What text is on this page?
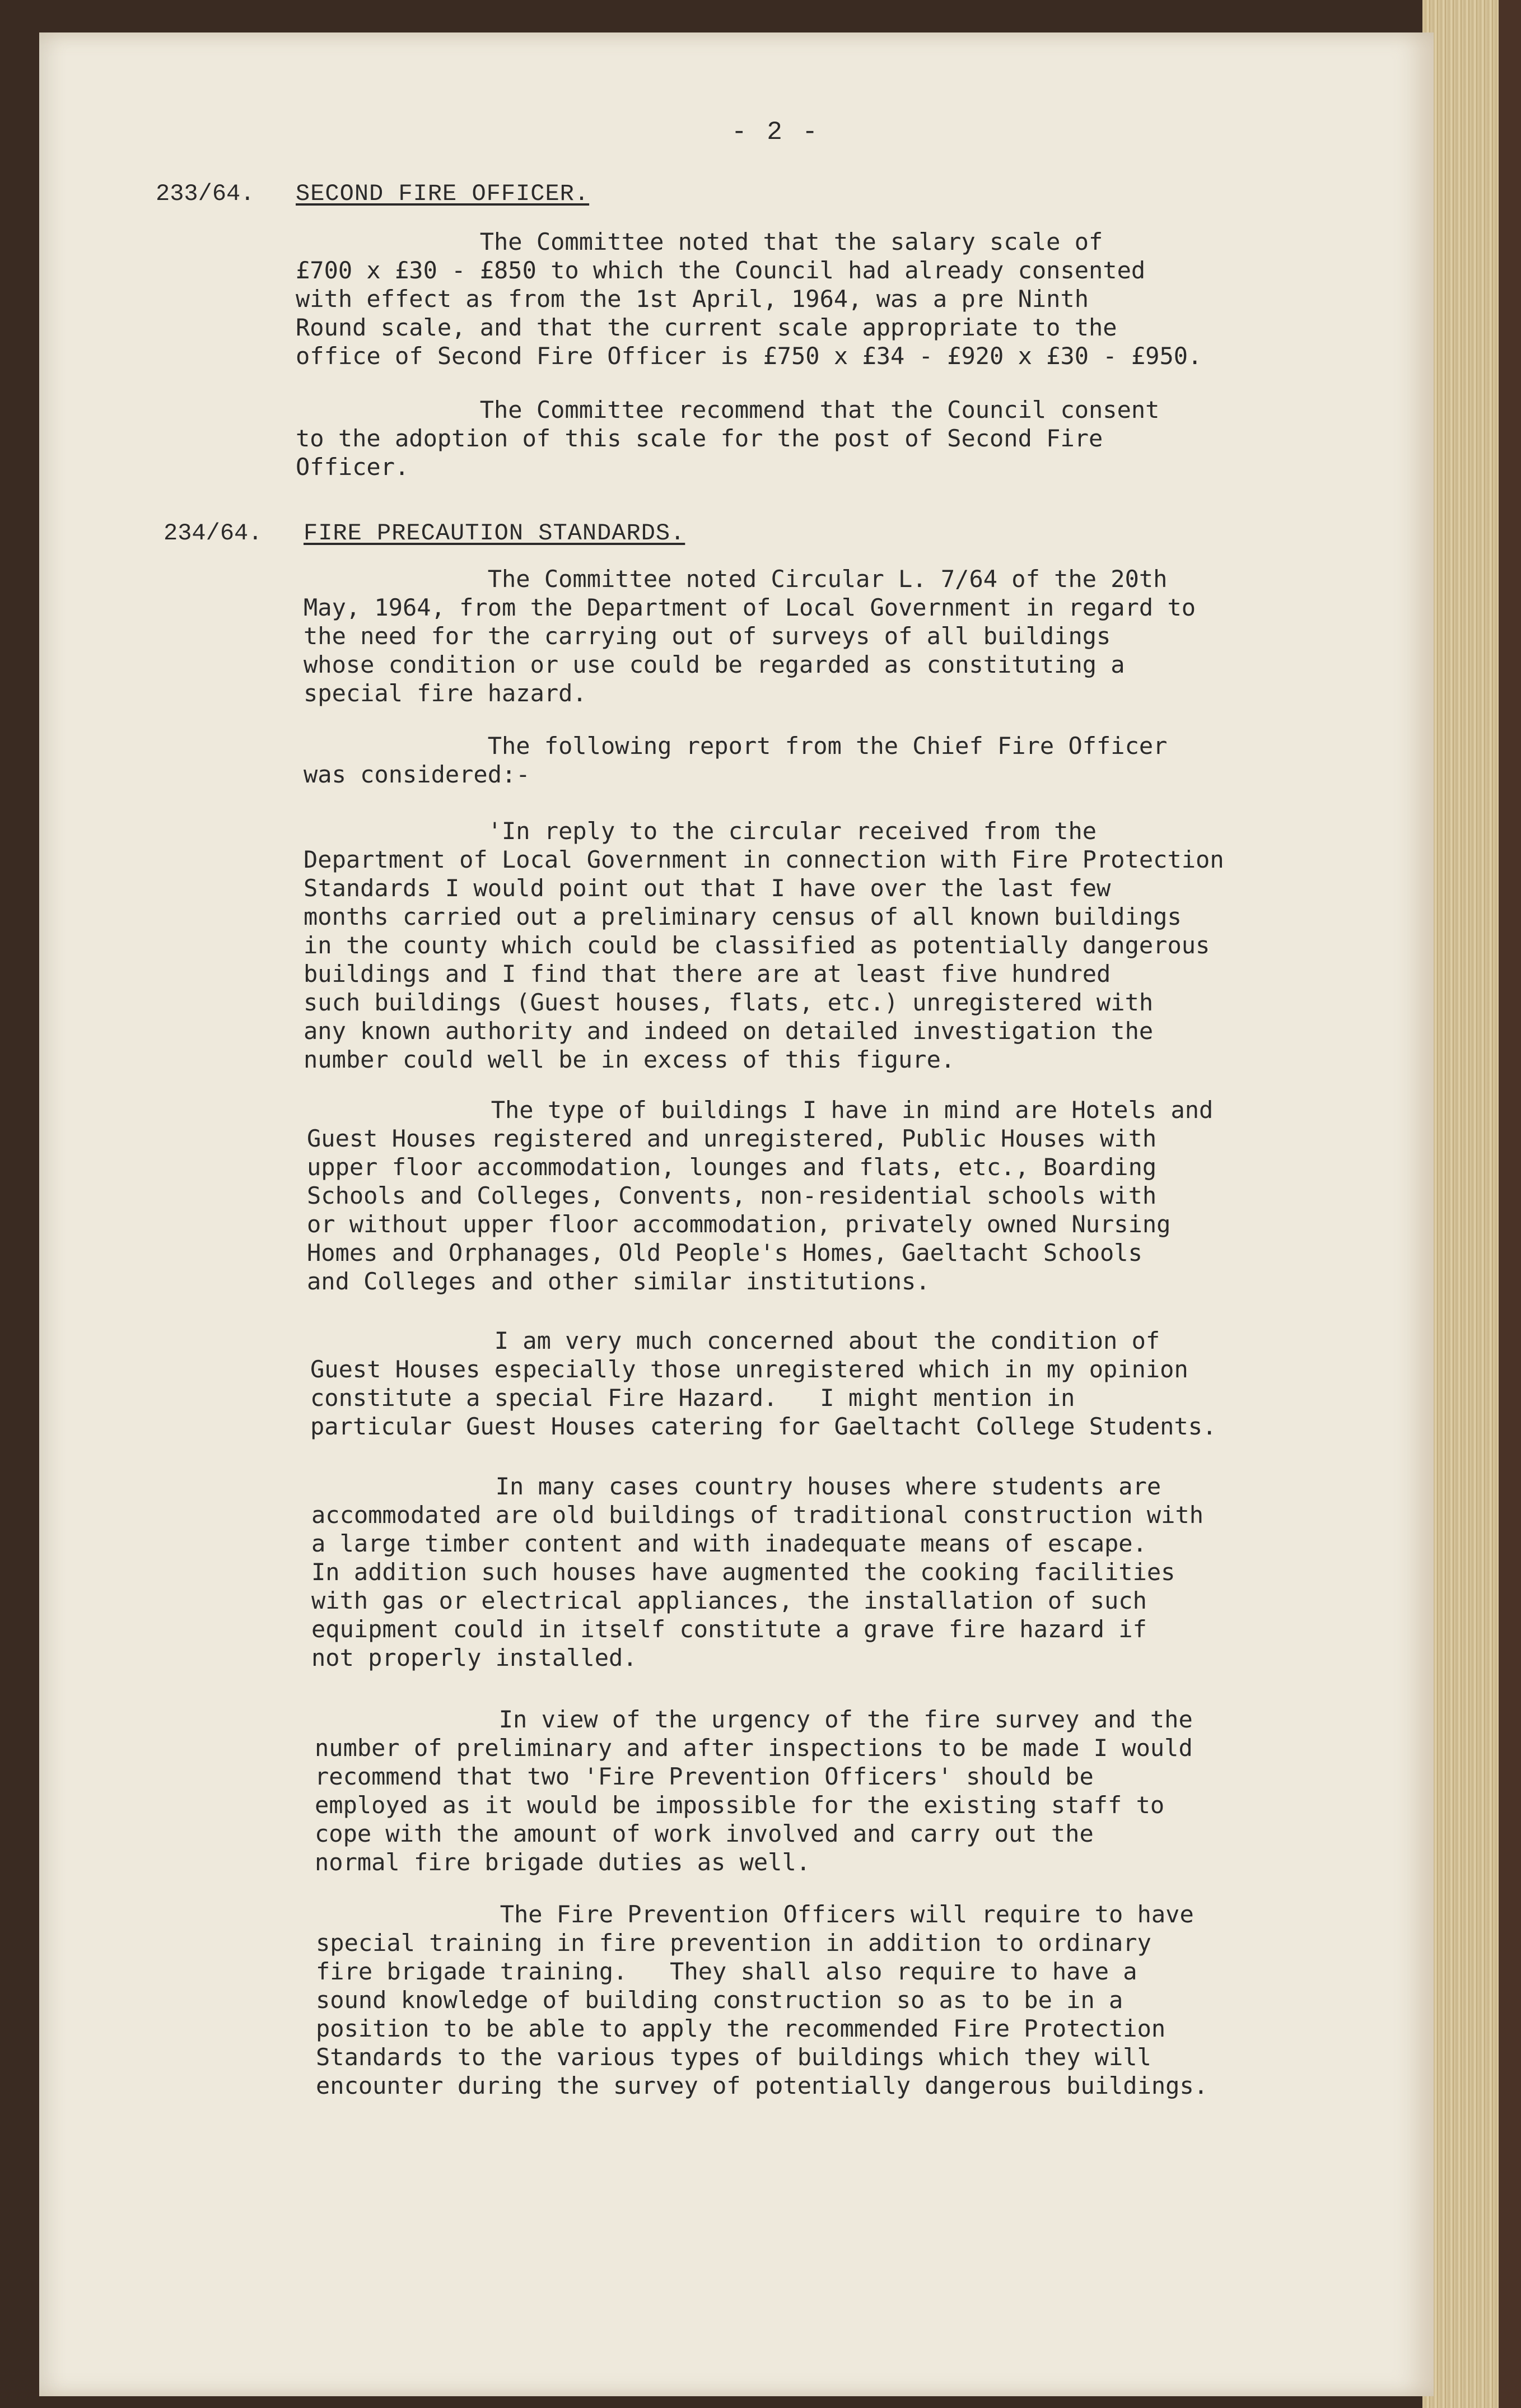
- 2 -
233/64. SECOND FIRE OFFICER.
The Committee noted that the salary scale of
£700 x £30 - £850 to which the Council had already consented
with effect as from the 1st April, 1964, was a pre Ninth
Round scale, and that the current scale appropriate to the
office of Second Fire Officer is £750 x £34 - £920 x £30 - £950.
The Committee recommend that the Council consent
to the adoption of this scale for the post of Second Fire
Officer.
234/64. FIRE PRECAUTION STANDARDS.
The Committee noted Circular L. 7/64 of the 20th
May, 1964, from the Department of Local Government in regard to
the need for the carrying out of surveys of all buildings
whose condition or use could be regarded as constituting a
special fire hazard.
The following report from the Chief Fire Officer
was considered:-
'In reply to the circular received from the
Department of Local Government in connection with Fire Protection
Standards I would point out that I have over the last few
months carried out a preliminary census of all known buildings
in the county which could be classified as potentially dangerous
buildings and I find that there are at least five hundred
such buildings (Guest houses, flats, etc.) unregistered with
any known authority and indeed on detailed investigation the
number could well be in excess of this figure.
The type of buildings I have in mind are Hotels and
Guest Houses registered and unregistered, Public Houses with
upper floor accommodation, lounges and flats, etc., Boarding
Schools and Colleges, Convents, non-residential schools with
or without upper floor accommodation, privately owned Nursing
Homes and Orphanages, Old People's Homes, Gaeltacht Schools
and Colleges and other similar institutions.
I am very much concerned about the condition of
Guest Houses especially those unregistered which in my opinion
constitute a special Fire Hazard.   I might mention in
particular Guest Houses catering for Gaeltacht College Students.
In many cases country houses where students are
accommodated are old buildings of traditional construction with
a large timber content and with inadequate means of escape.
In addition such houses have augmented the cooking facilities
with gas or electrical appliances, the installation of such
equipment could in itself constitute a grave fire hazard if
not properly installed.
In view of the urgency of the fire survey and the
number of preliminary and after inspections to be made I would
recommend that two 'Fire Prevention Officers' should be
employed as it would be impossible for the existing staff to
cope with the amount of work involved and carry out the
normal fire brigade duties as well.
The Fire Prevention Officers will require to have
special training in fire prevention in addition to ordinary
fire brigade training.   They shall also require to have a
sound knowledge of building construction so as to be in a
position to be able to apply the recommended Fire Protection
Standards to the various types of buildings which they will
encounter during the survey of potentially dangerous buildings.
